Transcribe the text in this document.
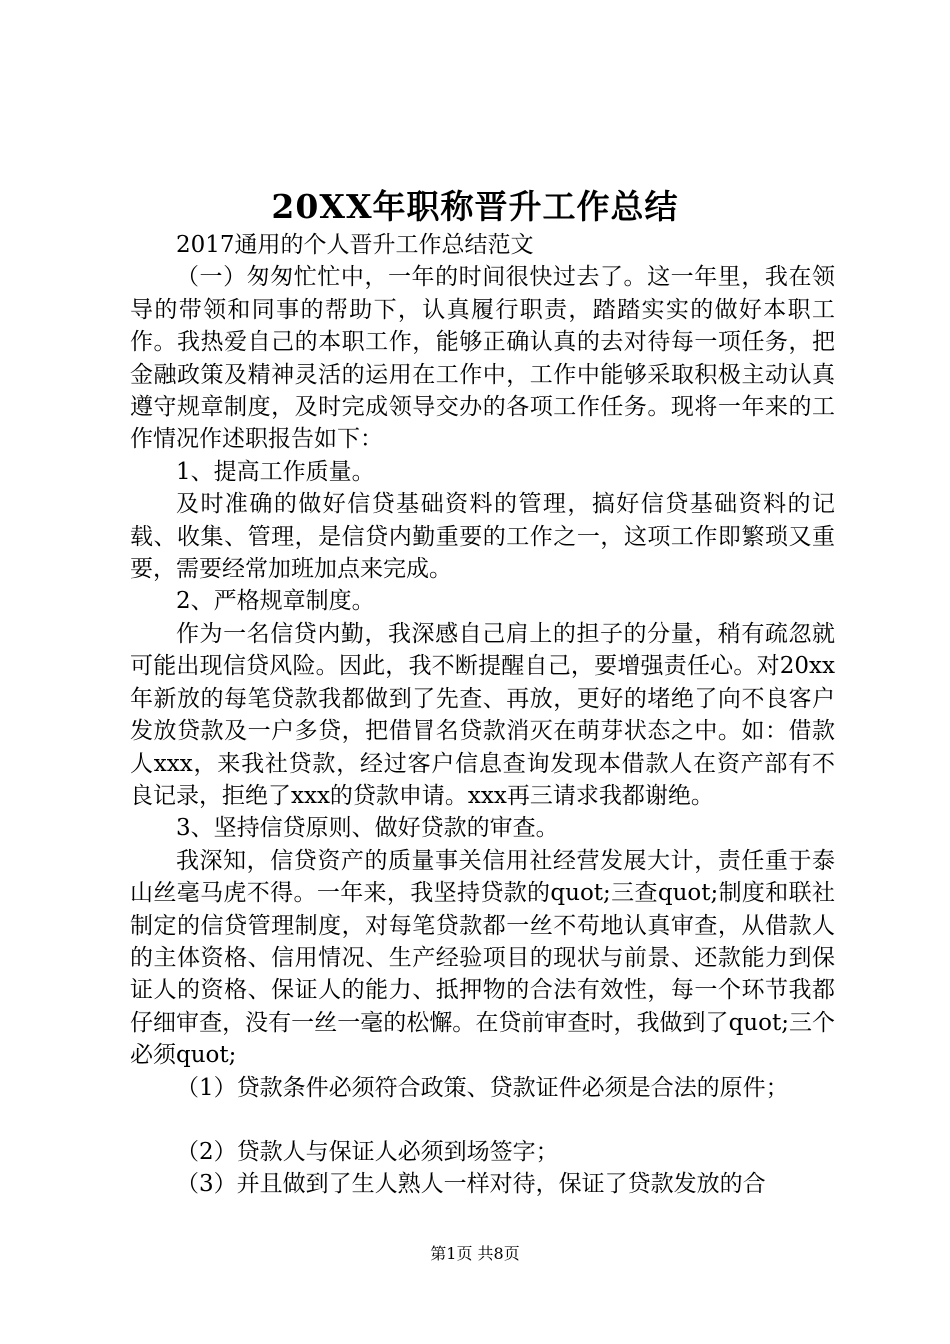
20XX年职称晋升工作总结

2017通用的个人晋升工作总结范文

（一）匆匆忙忙中，一年的时间很快过去了。这一年里，我在领导的带领和同事的帮助下，认真履行职责，踏踏实实的做好本职工作。我热爱自己的本职工作，能够正确认真的去对待每一项任务，把金融政策及精神灵活的运用在工作中，工作中能够采取积极主动认真遵守规章制度，及时完成领导交办的各项工作任务。现将一年来的工作情况作述职报告如下：

1、提高工作质量。

及时准确的做好信贷基础资料的管理，搞好信贷基础资料的记载、收集、管理，是信贷内勤重要的工作之一，这项工作即繁琐又重要，需要经常加班加点来完成。

2、严格规章制度。

作为一名信贷内勤，我深感自己肩上的担子的分量，稍有疏忽就可能出现信贷风险。因此，我不断提醒自己，要增强责任心。对20xx年新放的每笔贷款我都做到了先查、再放，更好的堵绝了向不良客户发放贷款及一户多贷，把借冒名贷款消灭在萌芽状态之中。如：借款人xxx，来我社贷款，经过客户信息查询发现本借款人在资产部有不良记录，拒绝了xxx的贷款申请。xxx再三请求我都谢绝。

3、坚持信贷原则、做好贷款的审查。

我深知，信贷资产的质量事关信用社经营发展大计，责任重于泰山丝毫马虎不得。一年来，我坚持贷款的quot;三查quot;制度和联社制定的信贷管理制度，对每笔贷款都一丝不苟地认真审查，从借款人的主体资格、信用情况、生产经验项目的现状与前景、还款能力到保证人的资格、保证人的能力、抵押物的合法有效性，每一个环节我都仔细审查，没有一丝一毫的松懈。在贷前审查时，我做到了quot;三个必须quot;

（1）贷款条件必须符合政策、贷款证件必须是合法的原件；

（2）贷款人与保证人必须到场签字；

（3）并且做到了生人熟人一样对待，保证了贷款发放的合

第1页 共8页
